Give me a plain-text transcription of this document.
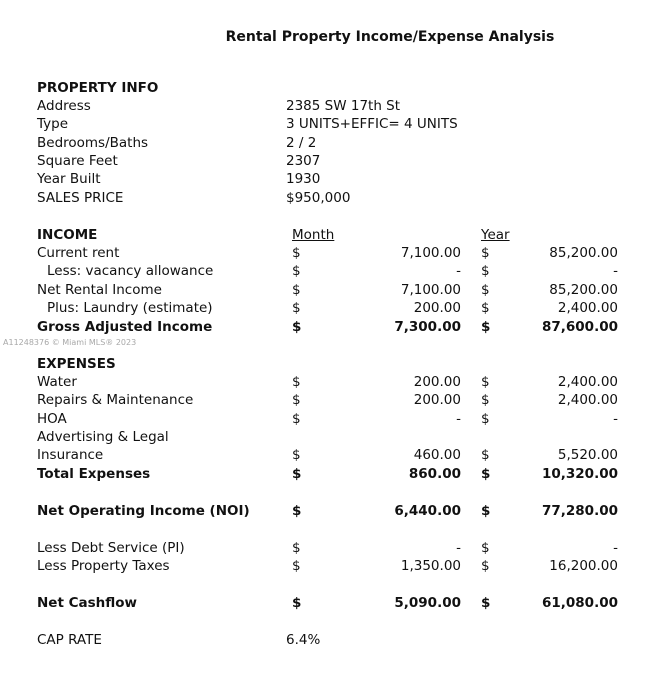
Rental Property Income/Expense Analysis
PROPERTY INFO
Address	2385 SW 17th St
Type	3 UNITS+EFFIC= 4 UNITS
Bedrooms/Baths	2 / 2
Square Feet	2307
Year Built	1930
SALES PRICE	$950,000
INCOME	Month	Year
Current rent	$	7,100.00 $	85,200.00
Less: vacancy allowance	$	- $	-
Net Rental Income	$	7,100.00 $	85,200.00
Plus: Laundry (estimate)	$	200.00 $	2,400.00
Gross Adjusted Income	$	7,300.00 $	87,600.00
A11248376 © Miami MLS® 2023
EXPENSES
Water	$	200.00 $	2,400.00
Repairs & Maintenance	$	200.00 $	2,400.00
HOA	$	- $	-
Advertising & Legal
Insurance	$	460.00 $	5,520.00
Total Expenses	$	860.00 $	10,320.00
Net Operating Income (NOI)	$	6,440.00 $	77,280.00
Less Debt Service (PI)	$	- $	-
Less Property Taxes	$	1,350.00 $	16,200.00
Net Cashflow	$	5,090.00 $	61,080.00
CAP RATE	6.4%
